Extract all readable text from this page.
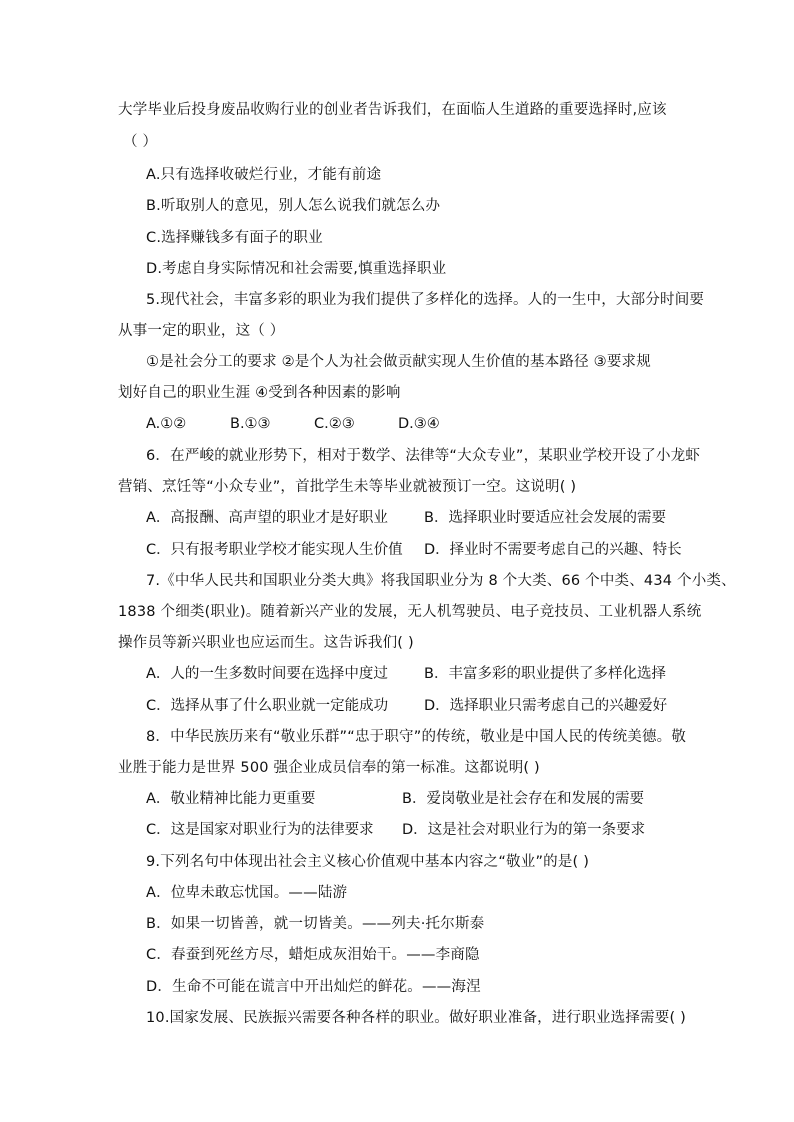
大学毕业后投身废品收购行业的创业者告诉我们，在面临人生道路的重要选择时,应该
（ ）
A.只有选择收破烂行业，才能有前途
B.听取别人的意见，别人怎么说我们就怎么办
C.选择赚钱多有面子的职业
D.考虑自身实际情况和社会需要,慎重选择职业
5.现代社会，丰富多彩的职业为我们提供了多样化的选择。人的一生中，大部分时间要
从事一定的职业，这（ ）
①是社会分工的要求 ②是个人为社会做贡献实现人生价值的基本路径 ③要求规
划好自己的职业生涯 ④受到各种因素的影响
A.①②	B.①③	C.②③	D.③④
6．在严峻的就业形势下，相对于数学、法律等“大众专业”，某职业学校开设了小龙虾
营销、烹饪等“小众专业”，首批学生未等毕业就被预订一空。这说明( )
A．高报酬、高声望的职业才是好职业 B．选择职业时要适应社会发展的需要
C．只有报考职业学校才能实现人生价值 D．择业时不需要考虑自己的兴趣、特长
7.《中华人民共和国职业分类大典》将我国职业分为 8 个大类、66 个中类、434 个小类、
1838 个细类(职业)。随着新兴产业的发展，无人机驾驶员、电子竞技员、工业机器人系统
操作员等新兴职业也应运而生。这告诉我们( )
A．人的一生多数时间要在选择中度过 B．丰富多彩的职业提供了多样化选择
C．选择从事了什么职业就一定能成功 D．选择职业只需考虑自己的兴趣爱好
8．中华民族历来有“敬业乐群”“忠于职守”的传统，敬业是中国人民的传统美德。敬
业胜于能力是世界 500 强企业成员信奉的第一标准。这都说明( )
A．敬业精神比能力更重要	B．爱岗敬业是社会存在和发展的需要
C．这是国家对职业行为的法律要求 D．这是社会对职业行为的第一条要求
9.下列名句中体现出社会主义核心价值观中基本内容之“敬业”的是( )
A．位卑未敢忘忧国。——陆游
B．如果一切皆善，就一切皆美。——列夫·托尔斯泰
C．春蚕到死丝方尽，蜡炬成灰泪始干。——李商隐
D．生命不可能在谎言中开出灿烂的鲜花。——海涅
10.国家发展、民族振兴需要各种各样的职业。做好职业准备，进行职业选择需要( )
